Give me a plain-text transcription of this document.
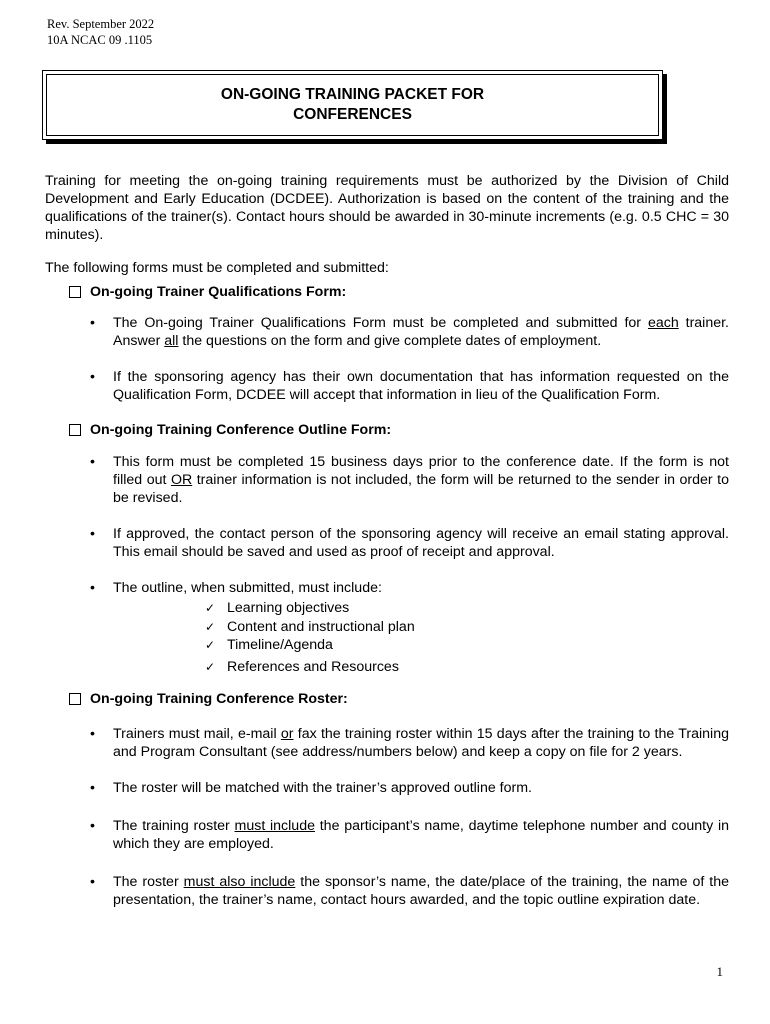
Rev. September 2022
10A NCAC 09 .1105
ON-GOING TRAINING PACKET FOR
CONFERENCES

Training for meeting the on-going training requirements must be authorized by the Division of Child Development and Early Education (DCDEE). Authorization is based on the content of the training and the qualifications of the trainer(s). Contact hours should be awarded in 30-minute increments (e.g. 0.5 CHC = 30 minutes).

The following forms must be completed and submitted:

On-going Trainer Qualifications Form:
• The On-going Trainer Qualifications Form must be completed and submitted for each trainer. Answer all the questions on the form and give complete dates of employment.
• If the sponsoring agency has their own documentation that has information requested on the Qualification Form, DCDEE will accept that information in lieu of the Qualification Form.
On-going Training Conference Outline Form:
• This form must be completed 15 business days prior to the conference date. If the form is not filled out OR trainer information is not included, the form will be returned to the sender in order to be revised.
• If approved, the contact person of the sponsoring agency will receive an email stating approval. This email should be saved and used as proof of receipt and approval.
• The outline, when submitted, must include:
✓ Learning objectives
✓ Content and instructional plan
✓ Timeline/Agenda
✓ References and Resources
On-going Training Conference Roster:
• Trainers must mail, e-mail or fax the training roster within 15 days after the training to the Training and Program Consultant (see address/numbers below) and keep a copy on file for 2 years.
• The roster will be matched with the trainer’s approved outline form.
• The training roster must include the participant’s name, daytime telephone number and county in which they are employed.
• The roster must also include the sponsor’s name, the date/place of the training, the name of the presentation, the trainer’s name, contact hours awarded, and the topic outline expiration date.
1
